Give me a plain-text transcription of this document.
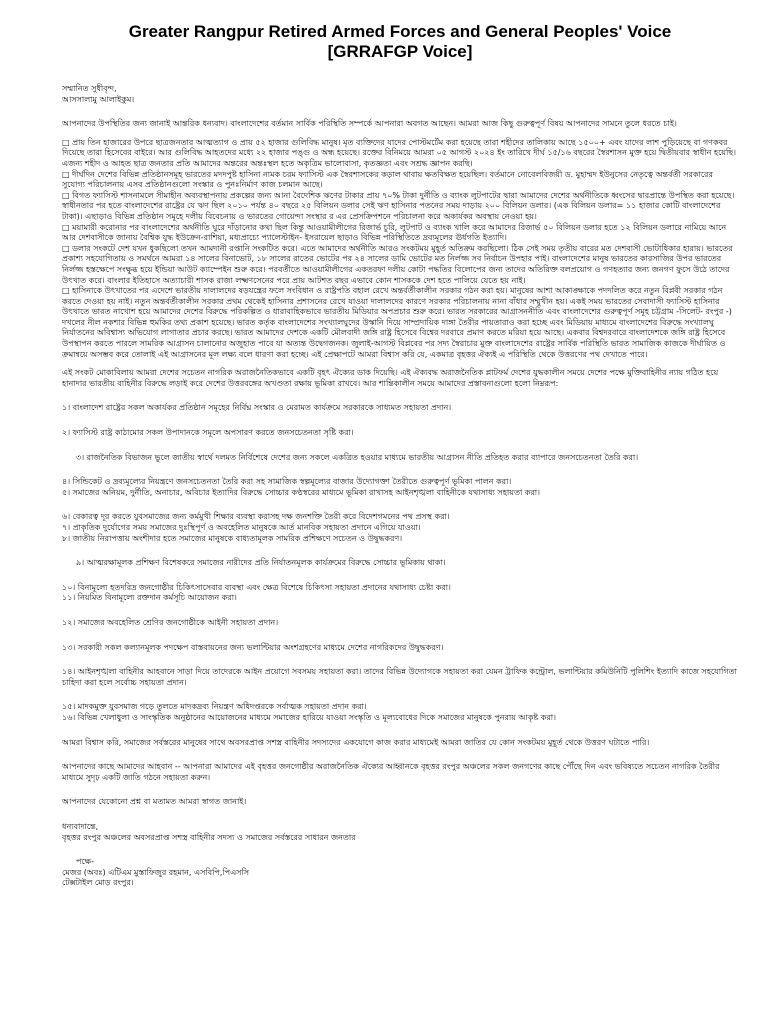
Greater Rangpur Retired Armed Forces and General Peoples' Voice
[GRRAFGP Voice]
সম্মানিত সুধীবৃন্দ,
আসসালামু আলাইকুম।

আপনাদের উপস্থিতির জন্য জানাই আন্তরিক ধন্যবাদ। বাংলাদেশের বর্তমান সার্বিক পরিস্থিতি সম্পর্কে আপনারা অবগত আছেন। আমরা আজ কিছু গুরুত্বপূর্ণ বিষয় আপনাদের সামনে তুলে ধরতে চাই।

□ প্রায় তিন হাজারের উপরে ছাত্রজনতার আত্মত্যাগ ও প্রায় ৫২ হাজার গুলিবিদ্ধ মানুষ। মৃত ব্যক্তিদের যাদের পোস্টমর্টেম করা হয়েছে তারা শহীদের তালিকায় আছে ১৫০০+ এবং যাদের লাশ পুড়িয়েছে বা গণকবর দিয়েছে তারা হিসেবের বাইরে। আর গুলিবিদ্ধ আহতদের মধ্যে ২২ হাজার পঙ্গু ও অন্ধ হয়েছে। রক্তের বিনিময়ে আমরা ০৫ আগস্ট ২০২৪ ইং তারিখে দীর্ঘ ১৫/১৬ বছরের স্বৈরশাসন মুক্ত হয়ে দ্বিতীয়বার স্বাধীন হয়েছি। এজন্য শহীদ ও আহত ছাত্র জনতার প্রতি আমাদের অন্তরের অন্তঃস্থল হতে অকৃত্রিম ভালোবাসা, কৃতজ্ঞতা এবং সশ্রদ্ধ জ্ঞাপন করছি।

□ দীর্ঘদিন দেশের বিভিন্ন প্রতিষ্ঠানসমূহ ভারতের মদদপুষ্ট হাসিনা নামক চরম ফ্যাসিস্ট এক স্বৈরশাসকের কড়াল থাবায় ক্ষতবিক্ষত হয়েছিল। বর্তমানে নোবেলবিজয়ী ড. মুহাম্মদ ইউনুসের নেতৃত্বে অন্তর্বর্তী সরকারের সুযোগ্য পরিচালনায় এসব প্রতিষ্ঠানগুলো সংস্কার ও পুনঃনির্মাণ কাজ চলমান আছে।

□ বিগত ফ্যাসিস্ট শাসনামলে সীমাহীন অব্যবস্থাপনায় প্রকল্পের জন্য আনা বৈদেশিক ঋণের টাকার প্রায় ৭০% টাকা দুর্নীতি ও ব্যাংক লুটপাটের দ্বারা আমাদের দেশের অর্থনীতিকে ধ্বংসের দ্বারপ্রান্তে উপস্থিত করা হয়েছে। স্বাধীনতার পর হতে বাংলাদেশের রাষ্ট্রের যে ঋণ ছিল ২০১০ পর্যন্ত ৪০ বছরে ২৫ বিলিয়ন ডলার সেই ঋণ হাসিনার পতনের সময় দাড়ায় ২০০ বিলিয়ন ডলার। (এক বিলিয়ন ডলার= ১১ হাজার কোটি বাংলাদেশের টাকা)। এছাড়াও বিভিন্ন প্রতিষ্ঠান সমূহে দলীয় বিবেচনায় ও ভারতের গোয়েন্দা সংস্থার র এর প্রেসক্রিপশনে পরিচালনা করে অকার্যকর অবস্থায় নেওয়া হয়।

□ ময়ামারী করোনার পর বাংলাদেশের অর্থনীতি ঘুরে দাঁড়ানোর কথা ছিল কিন্তু আওয়ামীলীগের রিজার্ভ চুরি, লুটপাট ও ব্যাংক খালি করে আমাদের রিজার্ভ ৫০ বিলিয়ন ডলার হতে ১২ বিলিয়ন ডলারে নামিয়ে আনে আর দেশবাসীকে জানায় বৈশ্বিক যুদ্ধ ইউক্রেন-রাশিয়া, মধ্যপ্রাচ্যে প্যালেস্টাইন- ইসরায়েল ছাড়াও বিভিন্ন পরিস্থিতিতে দ্রব্যমূলের ঊর্ধগতি ইত্যাদি।

□ ডলার সংকটে দেশ যখন ধুকছিলো তখন আমদানী রপ্তানি সংকটিত করে। এতে আমাদের অর্থনীতি আরও সংকটময় মুহূর্ত অতিক্রম করছিলো। ঠিক সেই সময় তৃতীয় বারের মত দেশবাসী ভোটাধিকার হারায়। ভারতের প্রকাশ্য সহযোগিতায় ও সমর্থনে আমরা ১৪ সালের বিনাভোট, ১৮ সালের রাতের ভোটের পর ২৪ সালের ডামি ভোটের মত নির্লজ্জ সব নির্বাচন উপহার পাই। বাংলাদেশের মানুষ ভারতের কারসাজির উপর ভারতের নির্লজ্জ হস্তক্ষেপে সংক্ষুব্ধ হয়ে ইন্ডিয়া আউট ক্যাম্পেইন শুরু করে। পরবর্তীতে আওয়ামীলীগের একতরফা দলীয় কোটা পদ্ধতির বিলোপের জন্য তাদের অতিরিক্ত বলপ্রয়োগ ও গণহত্যার জন্য জনগণ ফুসে উঠে তাদের উৎখাত করে। বাংলার ইতিহাসে অত্যাচারী শাসক রাজা লক্ষ্মণসেনের পরে প্রায় আটশত বছর এভাবে কোন শাসককে দেশ হতে পালিয়ে যেতে হয় নাই।

□ হাসিনাকে উৎখাতের পর এদেশে ভারতীয় দালালদের ষড়যন্ত্রের ফলে সংবিধান ও রাষ্ট্রপতি বহাল রেখে অন্তর্বর্তীকালীন সরকার গঠন করা হয়। মানুষের আশা আকাঙ্ক্ষাকে পদদলিত করে নতুন বিপ্লবী সরকার গঠন করতে দেওয়া হয় নাই। নতুন অন্তর্বর্তীকালীন সরকার প্রথম থেকেই হাসিনার প্রশাসনের রেখে যাওয়া দালালদের কারণে সরকার পরিচালনায় নানা বাঁধার সম্মুখীন হয়। একই সময় ভারতের সেবাদাসী ফ্যাসিস্ট হাসিনার উৎখাতে ভারত নাখোশ হয়ে আমাদের দেশের বিরুদ্ধে পরিকল্পিত ও ধারাবাহিকভাবে ভারতীয় মিডিয়ার অপপ্রচার শুরু করে। ভারত সরকারের আগ্রাসননীতি এবং বাংলাদেশের গুরুত্বপূর্ণ সমূহ চট্টগ্রাম -সিলেট- রংপুর -) দখলের নীল নকশার বিভিন্ন হুমকির তথ্য প্রকাশ হয়েছে। ভারত কর্তৃক বাংলাদেশের সংখ্যালঘুদের উস্কানি দিয়ে সাম্প্রদায়িক দাঙ্গা তৈরীর পায়তারাও করা হচ্ছে এবং মিডিয়ায় মাধ্যমে বাংলাদেশের বিরুদ্ধে সংখ্যালঘু নির্যাতনের অবিশ্বাস্য অভিযোগ লাগাতার প্রচার করছে। ভারত আমাদের দেশকে একটি মৌলবাদী জঙ্গি রাষ্ট্র হিসেবে বিশ্বের দরবারে প্রমাণ করতে মরিয়া হয়ে আছে। একবার বিশ্বদরবারে বাংলাদেশকে জঙ্গি রাষ্ট্র হিসেবে উপস্থাপন করতে পারলে সামরিক আগ্রাসন চালানোর অজুহাত পাবে যা অত্যন্ত উদ্বেগজনক। জুলাই-আগস্ট বিপ্লবের পর সদ্য স্বৈরাচার মুক্ত বাংলাদেশের রাষ্ট্রের সার্বিক পরিস্থিতি ভারত সামাজিক কাজকে দীর্ঘায়িত ও ক্রমান্বয়ে অসম্ভব করে তোলাই এই আগ্রাসনের মূল লক্ষ্য বলে ধারণা করা হচ্ছে। এই প্রেক্ষাপটে আমরা বিশ্বাস করি যে, একমাত্র বৃহত্তর ঐক্যই এ পরিস্থিতি থেকে উত্তরণের পথ দেখাতে পারে।

এই সংকট মোকাবিলায় আমরা দেশের সচেতন নাগরিক অরাজনৈতিকভাবে একটি বৃহৎ ঐক্যের ডাক দিয়েছি। এই ঐক্যবদ্ধ অরাজনৈতিক প্লাটফর্ম দেশের যুদ্ধকালীন সময়ে দেশের পক্ষে মুক্তিবাহিনীর ন্যায় গঠিত হয়ে হানাদার ভারতীয় বাহিনীর বিরুদ্ধে লড়াই করে দেশের উত্তরবঙ্গের অখণ্ডতা রক্ষায় ভূমিকা রাখবে। আর শান্তিকালীন সময়ে আমাদের প্রস্তাবনাগুলো হলো নিম্নরূপ:

১। বাংলাদেশ রাষ্ট্রের সকল অকার্যকর প্রতিষ্ঠান সমূহের নির্বিঘ্ন সংস্কার ও মেরামত কার্যক্রমে সরকারকে সাধ্যমত সহায়তা প্রদান।

২। ফ্যাসিস্ট রাষ্ট্র কাঠামোর সকল উপাদানকে সমূলে অপসারণ করতে জনসচেতনতা সৃষ্টি করা।

৩। রাজনৈতিক বিভাজন ভুলে জাতীয় স্বার্থে দলমত নির্বিশেষে দেশের জন্য সকলে একত্রিত হওয়ার মাধ্যমে ভারতীয় আগ্রাসন নীতি প্রতিহত করার ব্যাপারে জনসচেতনতা তৈরি করা।

৪। সিন্ডিকেট ও দ্রব্যমূল্যের নিয়ন্ত্রণে জনসচেতনতা তৈরি করা সহ সামাজিক স্বল্পমূল্যের বাজার উদ্যোগক্তা তৈরীতে গুরুত্বপূর্ণ ভূমিকা পালন করা।

৫। সমাজের অনিয়ম, দুর্নীতি, অনাচার, অবিচার ইত্যাদির বিরুদ্ধে সোচ্চার কণ্ঠস্বরের মাধ্যমে ভূমিকা রাখাসহ আইনশৃঙ্খলা বাহিনীকে যথাসাধ্য সহায়তা করা।

৬। বেকারত্ব দূর করতে যুবসমাজের জন্য কর্মমুখী শিক্ষার ব্যবস্থা করাসহ দক্ষ জনশক্তি তৈরী করে বিদেশগমনের পথ প্রসস্থ করা।

৭। প্রাকৃতিক দুর্যোগের সময় সমাজের দুঃস্থিপূর্ণ ও অবহেলিত মানুষকে আর্ত মানবিক সহায়তা প্রদানে এগিয়ে যাওয়া।

৮। জাতীয় নিরাপত্তায় অংশীদার হতে সমাজের মানুষকে বাধ্যতামূলক সামরিক প্রশিক্ষণে সচেতন ও উদ্বুদ্ধকরণ।

৯। আত্মরক্ষামূলক প্রশিক্ষণ বিশেষকরে সমাজের নারীদের প্রতি নির্যাতনমূলক কার্যক্রমের বিরুদ্ধে সোচ্চার ভূমিকায় থাকা।

১০। বিনামূল্যে হতদরিদ্র জনগোষ্ঠীর চিকিৎসাসেবার ব্যবস্থা এবং ক্ষেত্র বিশেষে চিকিৎসা সহায়তা প্রদানের যথাসাধ্য চেষ্টা করা।

১১। নিয়মিত বিনামূল্যে রক্তদান কর্মসূচি আয়োজন করা।

১২। সমাজের অবহেলিত শ্রেণির জনগোষ্ঠীকে আইনী সহায়তা প্রদান।

১৩। সরকারী সকল কল্যানমূলক পদক্ষেপ বাস্তবায়নের জন্য ভলান্টিয়ার অংশগ্রহণের মাধ্যমে দেশের নাগরিকদের উদ্বুদ্ধকরণ।

১৪। আইনশৃঙ্খলা বাহিনীর আহবানে সাড়া দিয়ে তাদেরকে আইন প্রয়োগে সবসময় সহায়তা করা। তাদের বিভিন্ন উদ্যোগকে সহায়তা করা যেমন ট্রাফিক কন্ট্রোল, ভলান্টিয়ার কমিউনিটি পুলিশিং ইত্যাদি কাজে সহযোগিতা চাহিদা করা হলে সর্বোচ্চ সহায়তা প্রদান।

১৫। মাদকমুক্ত যুবসমাজ গড়ে তুলতে মাদকদ্রব্য নিয়ন্ত্রণ অধিদপ্তরকে সর্বাত্মক সহায়তা প্রদান করা।

১৬। বিভিন্ন খেলাধুলা ও সাংস্কৃতিক অনুষ্ঠানের আয়োজনের মাধ্যমে সমাজের হারিয়ে যাওয়া সংস্কৃতি ও মূল্যবোধের দিকে সমাজের মানুষকে পুনরায় আকৃষ্ট করা।

আমরা বিশ্বাস করি, সমাজের সর্বস্তরের মানুষের সাথে অবসরপ্রাপ্ত সশস্ত্র বাহিনীর সদস্যদের একযোগে কাজ করার মাধ্যমেই আমরা জাতির যে কোন সংকটময় মুহূর্ত থেকে উত্তরণ ঘটাতে পারি।

আপনাদের কাছে আমাদের আহবান -- আপনারা আমাদের এই বৃহত্তর জনগোষ্ঠীর অরাজনৈতিক ঐক্যের আহ্বানকে বৃহত্তর রংপুর অঞ্চলের সকল জনগণের কাছে পৌঁছে দিন এবং ভবিষ্যতে সচেতন নাগরিক তৈরীর মাধ্যমে সুদৃঢ় একটি জাতি গঠনে সহায়তা করুন।

আপনাদের যেকোনো প্রশ্ন বা মতামত আমরা স্বাগত জানাই।

ধন্যবাদান্তে,
বৃহত্তর রংপুর অঞ্চলের অবসরপ্রাপ্ত সশস্ত্র বাহিনীর সদস্য ও সমাজের সর্বস্তরের সাধারন জনতার
পক্ষে-
মেজর (অবঃ) এটিএম মুস্তাফিজুর রহমান, এসবিপি,পিএসসি
টেক্সটাইল মোড় রংপুর।
